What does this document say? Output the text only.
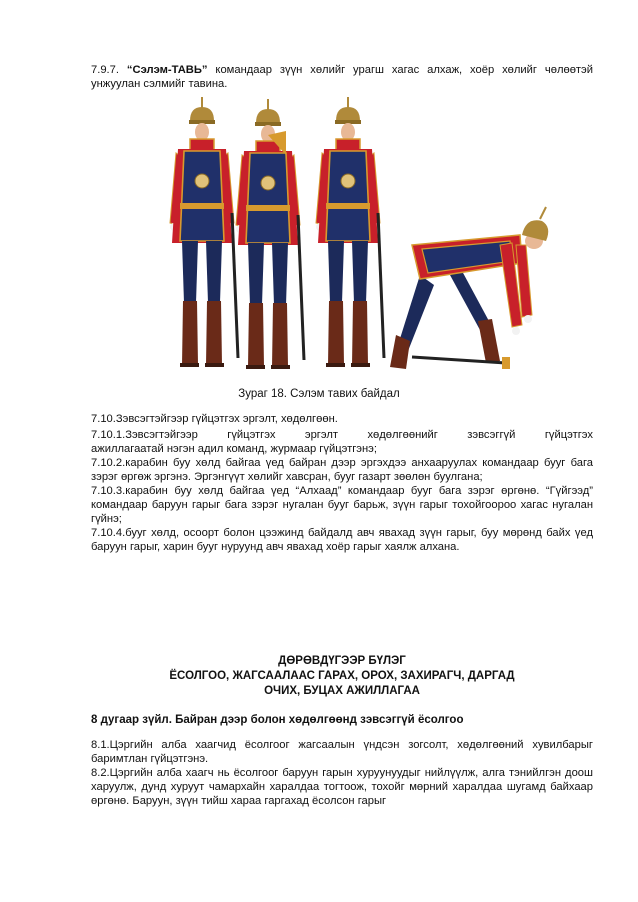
7.9.7. “Сэлэм-ТАВЬ” командаар зүүн хөлийг урагш хагас алхаж, хоёр хөлийг чөлөөтэй унжуулан сэлмийг тавина.

Зураг 18. Сэлэм тавих байдал

7.10.Зэвсэгтэйгээр гүйцэтгэх эргэлт, хөдөлгөөн.

7.10.1.Зэвсэгтэйгээр гүйцэтгэх эргэлт хөдөлгөөнийг зэвсэггүй гүйцэтгэх

ажиллагаатай нэгэн адил команд, журмаар гүйцэтгэнэ;

7.10.2.карабин буу хөлд байгаа үед байран дээр эргэхдээ анхааруулах командаар бууг бага зэрэг өргөж эргэнэ. Эргэнгүүт хөлийг хавсран, бууг газарт зөөлөн буулгана;

7.10.3.карабин буу хөлд байгаа үед “Алхаад” командаар бууг бага зэрэг өргөнө. “Гүйгээд” командаар баруун гарыг бага зэрэг нугалан бууг барьж, зүүн гарыг тохойгоороо хагас нугалан гүйнэ;

7.10.4.бууг хөлд, осоорт болон цээжинд байдалд авч явахад зүүн гарыг, буу мөрөнд байх үед баруун гарыг, харин бууг нуруунд авч явахад хоёр гарыг хаялж алхана.

ДӨРӨВДҮГЭЭР БҮЛЭГ

ЁСОЛГОО, ЖАГСААЛААС ГАРАХ, ОРОХ, ЗАХИРАГЧ, ДАРГАД

ОЧИХ, БУЦАХ АЖИЛЛАГАА

8 дугаар зүйл. Байран дээр болон хөдөлгөөнд зэвсэггүй ёсолгоо

8.1.Цэргийн алба хаагчид ёсолгоог жагсаалын үндсэн зогсолт, хөдөлгөөний хувилбарыг баримтлан гүйцэтгэнэ.

8.2.Цэргийн алба хаагч нь ёсолгоог баруун гарын хуруунуудыг нийлүүлж, алга тэнийлгэн доош харуулж, дунд хуруут чамархайн харалдаа тогтоож, тохойг мөрний харалдаа шугамд байхаар өргөнө. Баруун, зүүн тийш хараа гаргахад ёсолсон гарыг
